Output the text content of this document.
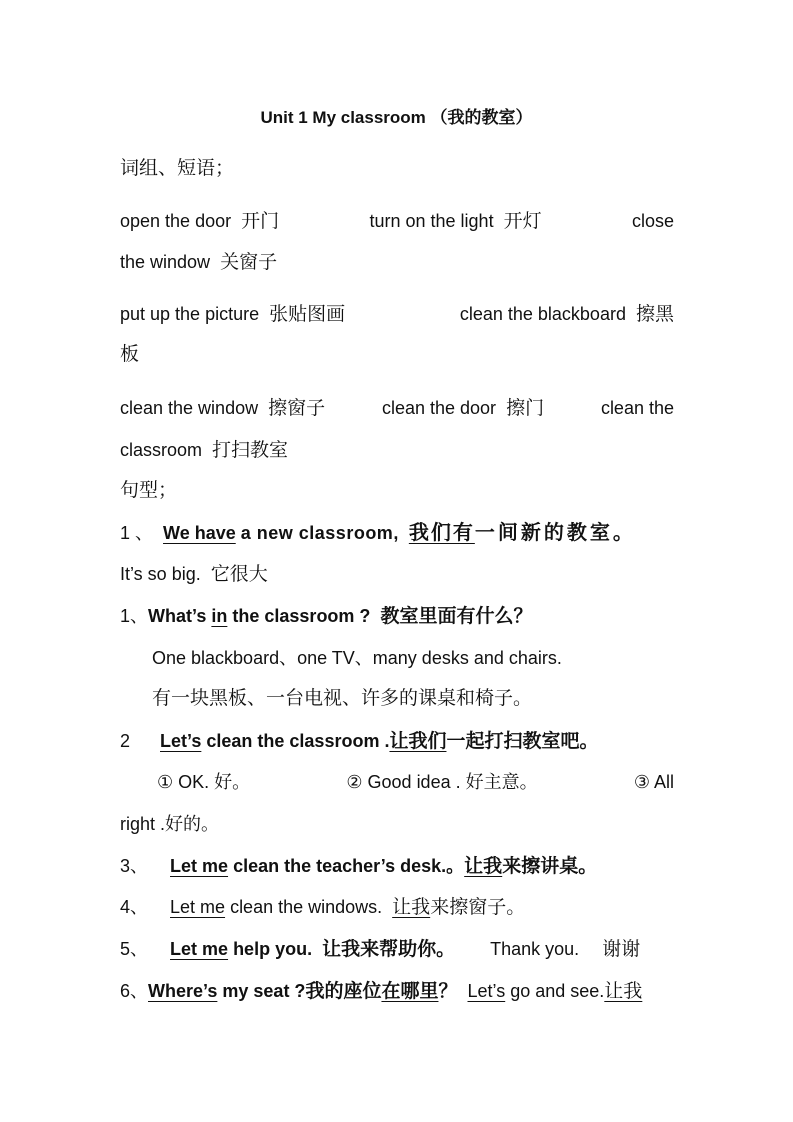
Unit 1 My classroom （我的教室）
词组、短语；
open the door 开门	turn on the light 开灯	close
the window 关窗子
put up the picture 张贴图画	clean the blackboard 擦黑
板
clean the window 擦窗子	clean the door 擦门	clean the
classroom 打扫教室
句型；
1 、 We have a new classroom, 我们有一间新的教室。
It’s so big. 它很大
1、What’s in the classroom ? 教室里面有什么？
One blackboard、one TV、many desks and chairs.
有一块黑板、一台电视、许多的课桌和椅子。
2 Let’s clean the classroom .让我们一起打扫教室吧。
① OK. 好。	② Good idea . 好主意。	③ All
right .好的。
3、 Let me clean the teacher’s desk.。让我来擦讲桌。
4、 Let me clean the windows. 让我来擦窗子。
5、 Let me help you. 让我来帮助你。 Thank you. 谢谢
6、Where’s my seat ?我的座位在哪里？ Let’s go and see.让我
